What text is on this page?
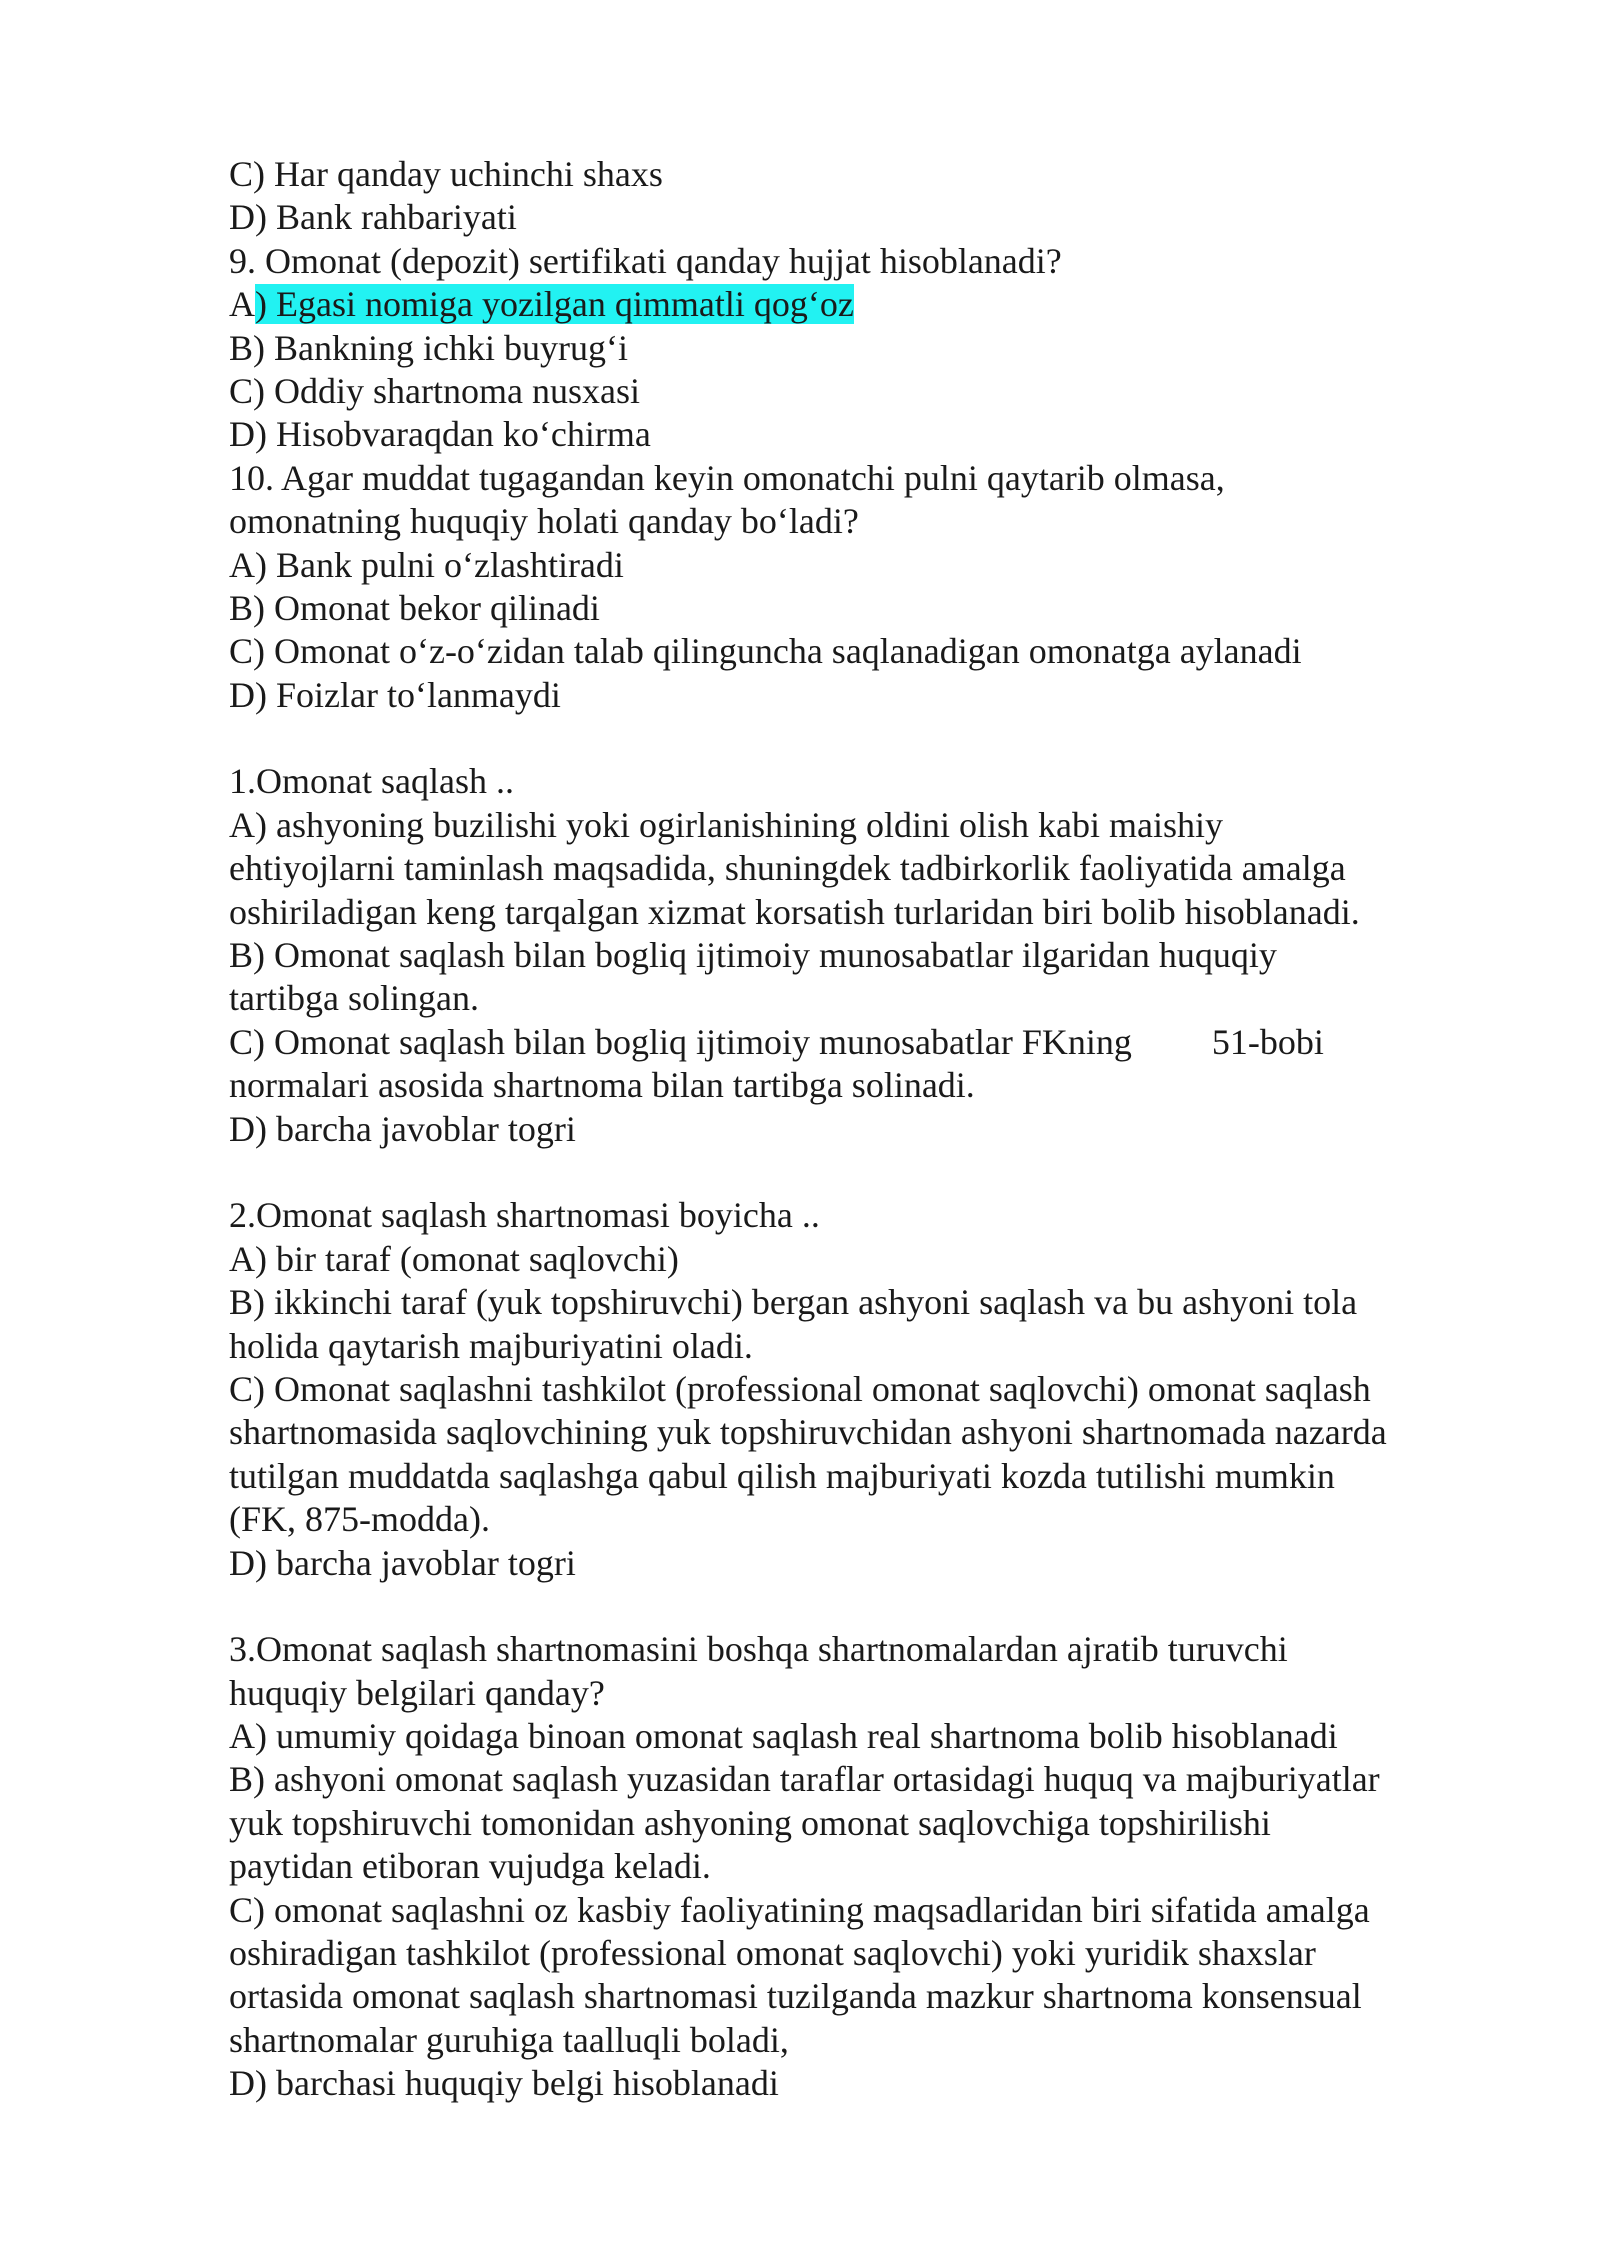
C) Har qanday uchinchi shaxs
D) Bank rahbariyati
9. Omonat (depozit) sertifikati qanday hujjat hisoblanadi?
A) Egasi nomiga yozilgan qimmatli qog‘oz
B) Bankning ichki buyrug‘i
C) Oddiy shartnoma nusxasi
D) Hisobvaraqdan ko‘chirma
10. Agar muddat tugagandan keyin omonatchi pulni qaytarib olmasa,
omonatning huquqiy holati qanday bo‘ladi?
A) Bank pulni o‘zlashtiradi
B) Omonat bekor qilinadi
C) Omonat o‘z-o‘zidan talab qilinguncha saqlanadigan omonatga aylanadi
D) Foizlar to‘lanmaydi
1.Omonat saqlash ..
A) ashyoning buzilishi yoki ogirlanishining oldini olish kabi maishiy
ehtiyojlarni taminlash maqsadida, shuningdek tadbirkorlik faoliyatida amalga
oshiriladigan keng tarqalgan xizmat korsatish turlaridan biri bolib hisoblanadi.
B) Omonat saqlash bilan bogliq ijtimoiy munosabatlar ilgaridan huquqiy
tartibga solingan.
C) Omonat saqlash bilan bogliq ijtimoiy munosabatlar FKning 51-bobi
normalari asosida shartnoma bilan tartibga solinadi.
D) barcha javoblar togri
2.Omonat saqlash shartnomasi boyicha ..
A) bir taraf (omonat saqlovchi)
B) ikkinchi taraf (yuk topshiruvchi) bergan ashyoni saqlash va bu ashyoni tola
holida qaytarish majburiyatini oladi.
C) Omonat saqlashni tashkilot (professional omonat saqlovchi) omonat saqlash
shartnomasida saqlovchining yuk topshiruvchidan ashyoni shartnomada nazarda
tutilgan muddatda saqlashga qabul qilish majburiyati kozda tutilishi mumkin
(FK, 875-modda).
D) barcha javoblar togri
3.Omonat saqlash shartnomasini boshqa shartnomalardan ajratib turuvchi
huquqiy belgilari qanday?
A) umumiy qoidaga binoan omonat saqlash real shartnoma bolib hisoblanadi
B) ashyoni omonat saqlash yuzasidan taraflar ortasidagi huquq va majburiyatlar
yuk topshiruvchi tomonidan ashyoning omonat saqlovchiga topshirilishi
paytidan etiboran vujudga keladi.
C) omonat saqlashni oz kasbiy faoliyatining maqsadlaridan biri sifatida amalga
oshiradigan tashkilot (professional omonat saqlovchi) yoki yuridik shaxslar
ortasida omonat saqlash shartnomasi tuzilganda mazkur shartnoma konsensual
shartnomalar guruhiga taalluqli boladi,
D) barchasi huquqiy belgi hisoblanadi
